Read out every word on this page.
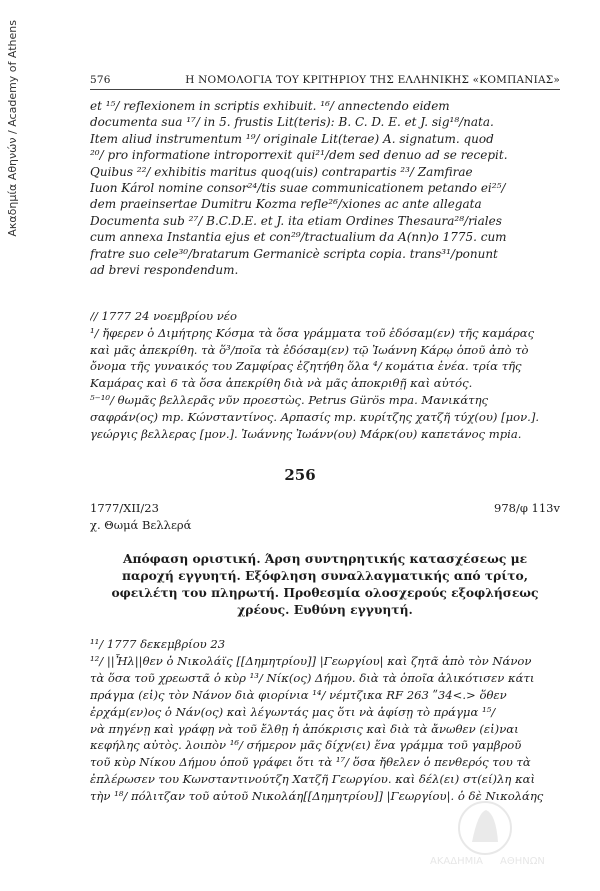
Ακαδημία Αθηνών / Academy of Athens	576	Η ΝΟΜΟΛΟΓΙΑ ΤΟΥ ΚΡΙΤΗΡΙΟΥ ΤΗΣ ΕΛΛΗΝΙΚΗΣ «ΚΟΜΠΑΝΙΑΣ»
et ¹⁵/ reflexionem in scriptis exhibuit. ¹⁶/ annectendo eidem
documenta sua ¹⁷/ in 5. frustis Lit(teris): B. C. D. E. et J. sig¹⁸/nata.
Item aliud instrumentum ¹⁹/ originale Lit(terae) A. signatum. quod
²⁰/ pro informatione introporrexit qui²¹/dem sed denuo ad se recepit.
Quibus ²²/ exhibitis maritus quoq(uis) contrapartis ²³/ Zamfirae
Iuon Károl nomine consor²⁴/tis suae communicationem petando ei²⁵/
dem praeinsertae Dumitru Kozma refle²⁶/xiones ac ante allegata
Documenta sub ²⁷/ B.C.D.E. et J. ita etiam Ordines Thesaura²⁸/riales
cum annexa Instantia ejus et con²⁹/tractualium da A(nn)o 1775. cum
fratre suo cele³⁰/bratarum Germanicè scripta copia. trans³¹/ponunt
ad brevi respondendum.
// 1777 24 νοεμβρίου νέο
¹/ ἤφερεν ὁ Διμήτρης Κόσμα τὰ ὅσα γράμματα τοῦ ἐδόσαμ(εν) τῆς καμάρας
καὶ μᾶς ἀπεκρίθη. τὰ ὅ³/ποῖα τὰ ἐδόσαμ(εν) τῷ Ἰωάννη Κάρῳ ὁποῦ ἀπὸ τὸ
ὄνομα τῆς γυναικός του Ζαμφίρας ἐζητήθη ὅλα ⁴/ κομάτια ἑνέα. τρία τῆς
Καμάρας καὶ 6 τὰ ὅσα ἀπεκρίθη διὰ νὰ μᾶς ἀποκριθῇ καὶ αὐτός.
⁵⁻¹⁰/ θωμᾶς βελλερᾶς νῦν προεστὼς. Petrus Gürös mpa. Μανικάτης
σαφράν(ος) mp. Κώνσταντίνος. Αρπασίς mp. κυρίτζης χατζῆ τύχ(ου) [μον.].
γεώργις βελλερας [μον.]. Ἰωάννης Ἰωάνν(ου) Μάρκ(ου) καπετάνος mpia.
256
1777/XII/23	978/φ 113v
χ. Θωμά Βελλερά
Απόφαση οριστική. Άρση συντηρητικής κατασχέσεως με παροχή εγγυητή. Εξόφληση συναλλαγματικής από τρίτο, οφειλέτη του πληρωτή. Προθεσμία ολοσχερούς εξοφλήσεως χρέους. Ευθύνη εγγυητή.
¹¹/ 1777 δεκεμβρίου 23
¹²/ ||Ἦλ||θεν ὁ Νικολάϊς [[Δημητρίου]] |Γεωργίου| καὶ ζητᾶ ἀπὸ τὸν Νάνον
τὰ ὅσα τοῦ χρεωστᾶ ὁ κὺρ ¹³/ Νίκ(ος) Δήμου. διὰ τὰ ὁποῖα ἀλικότισεν κάτι
πράγμα (εἰ)ς τὸν Νάνον διὰ φιορίνια ¹⁴/ νέμτζικα RF 263 ʺ34<.> ὅθεν
ἐρχάμ(εν)ος ὁ Νάν(ος) καὶ λέγωντάς μας ὅτι νὰ ἀφίσῃ τὸ πράγμα ¹⁵/
νὰ πηγένῃ καὶ γράφῃ νὰ τοῦ ἔλθῃ ἡ ἀπόκρισις καὶ διὰ τὰ ἄνωθεν (εἰ)ναι
κεφήλης αὐτὸς. λοιπὸν ¹⁶/ σήμερον μᾶς δίχν(ει) ἕνα γράμμα τοῦ γαμβροῦ
τοῦ κὺρ Νίκου Δήμου ὁποῦ γράφει ὅτι τὰ ¹⁷/ ὅσα ἤθελεν ὁ πενθερός του τὰ
ἐπλέρωσεν του Κωνσταντινούτζη Χατζῆ Γεωργίου. καὶ δέλ(ει) στ(εί)λη καὶ
τὴν ¹⁸/ πόλιτζαν τοῦ αὐτοῦ Νικολάη[[Δημητρίου]] |Γεωργίου|. ὁ δὲ Νικολάης
ΑΚΑΔΗΜΙΑ ΑΘΗΝΩΝ
